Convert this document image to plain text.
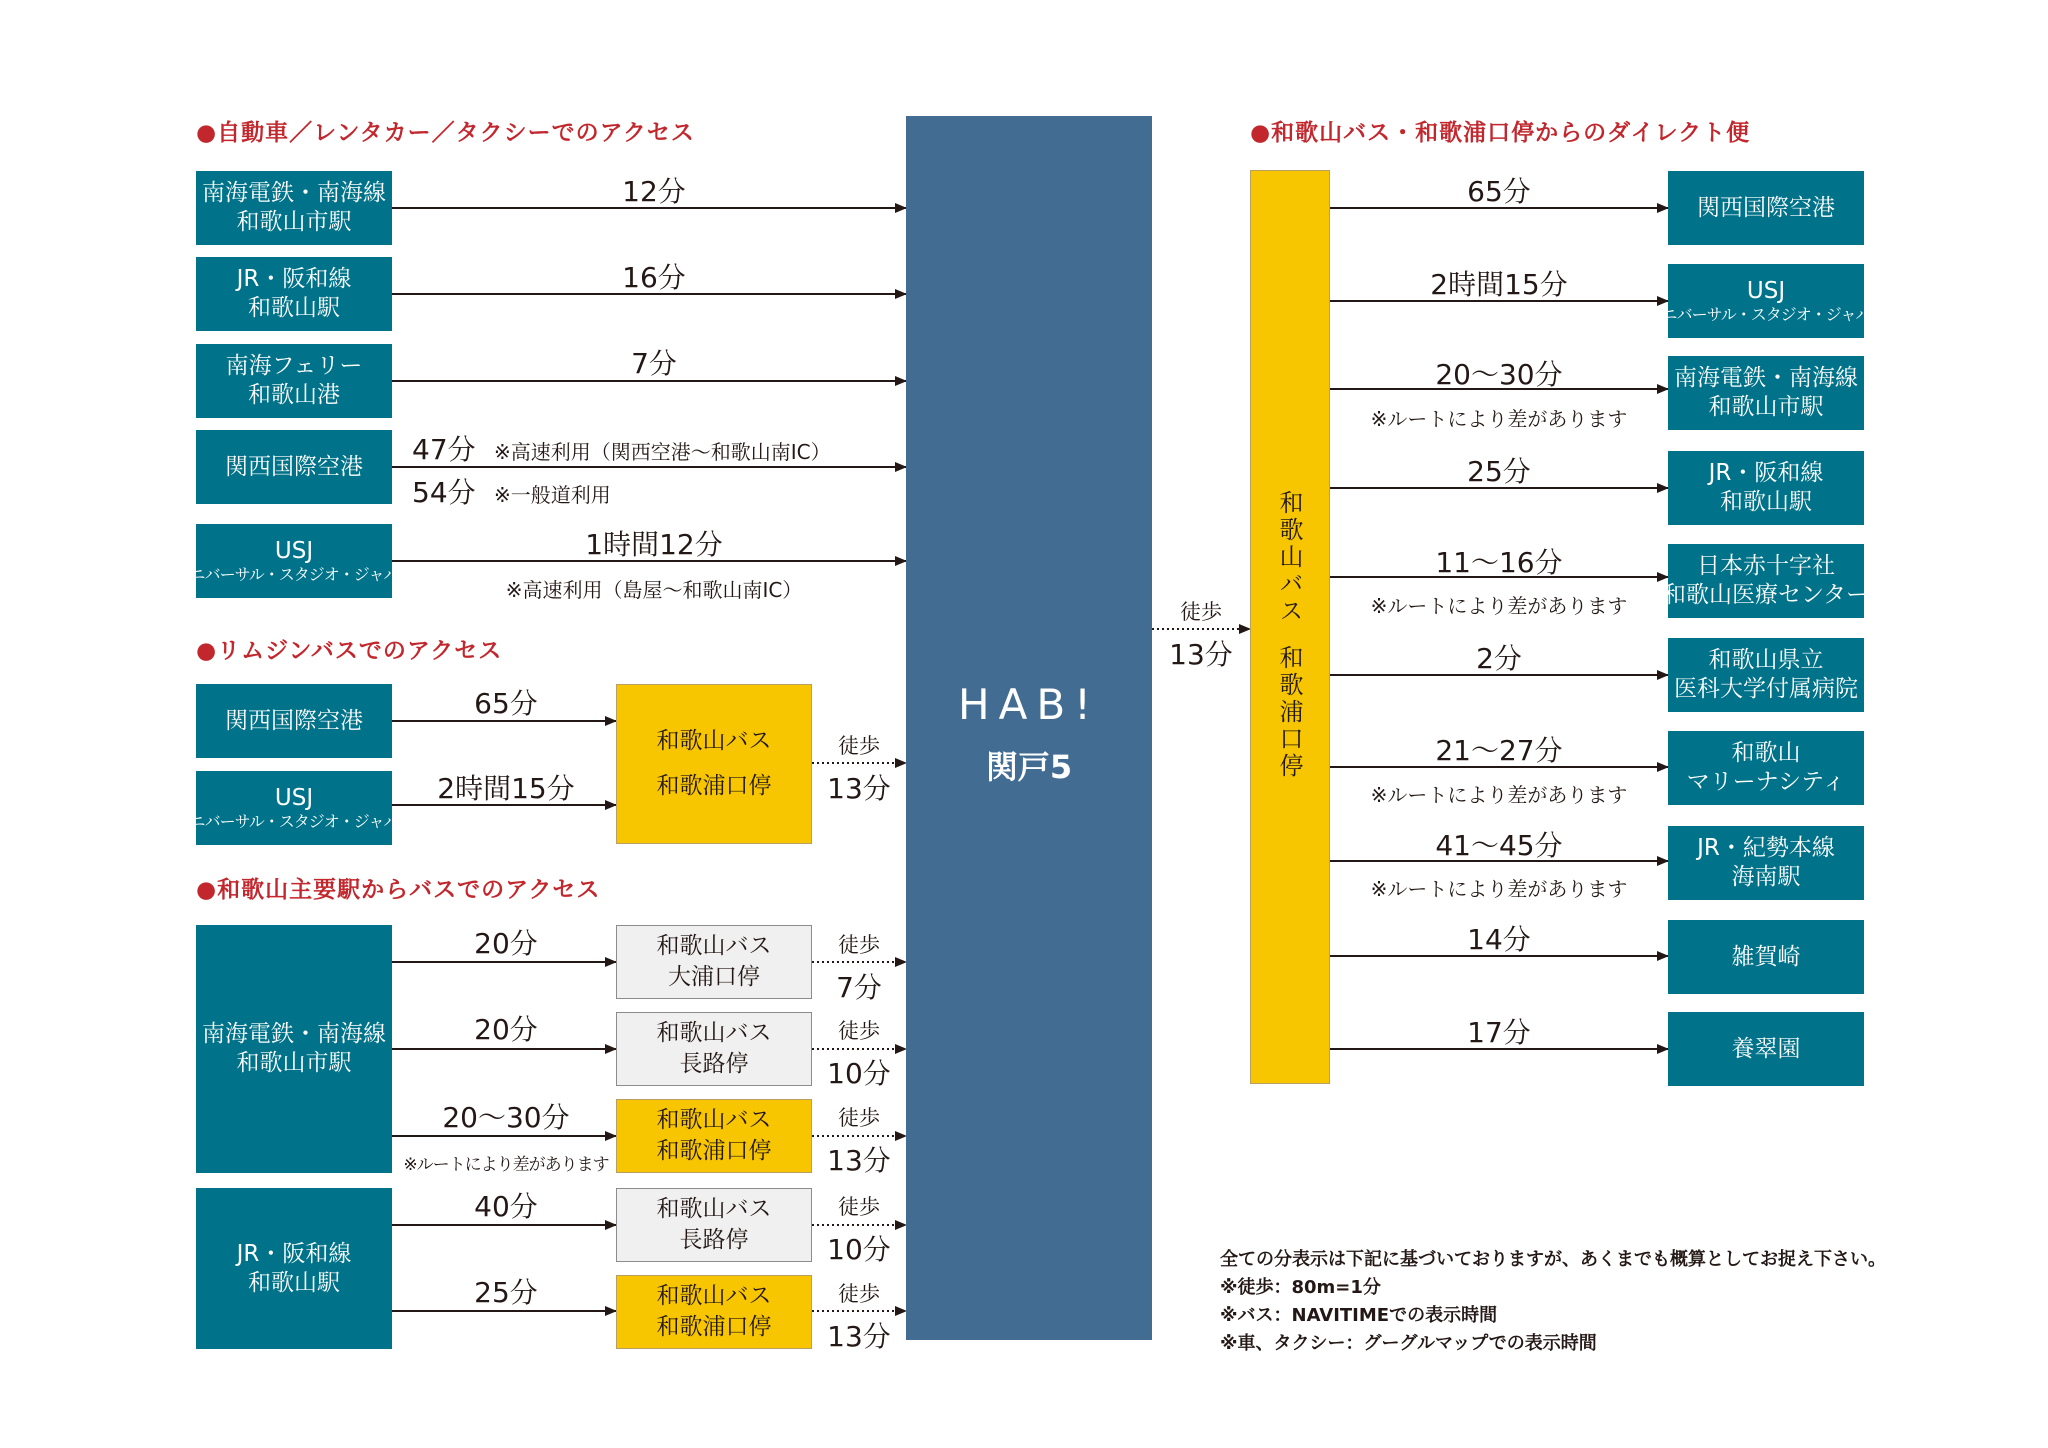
HAB!
関戸5
●自動車／レンタカー／タクシーでのアクセス
南海電鉄・南海線
和歌山市駅
12分
JR・阪和線
和歌山駅
16分
南海フェリー
和歌山港
7分
関西国際空港
47分 ※高速利用（関西空港～和歌山南IC）
54分 ※一般道利用
USJ
ユニバーサル・スタジオ・ジャパン
1時間12分
※高速利用（島屋～和歌山南IC）
●リムジンバスでのアクセス
関西国際空港
65分
USJ
ユニバーサル・スタジオ・ジャパン
2時間15分
和歌山バス
和歌浦口停
徒歩
13分
●和歌山主要駅からバスでのアクセス
南海電鉄・南海線
和歌山市駅
20分	和歌山バス
大浦口停
徒歩
7分
20分	和歌山バス
長路停
徒歩
10分
20〜30分
※ルートにより差があります
和歌山バス
和歌浦口停
徒歩
13分
JR・阪和線
和歌山駅
40分	和歌山バス
長路停
徒歩
10分
25分	和歌山バス
和歌浦口停
徒歩
13分
徒歩
13分
●和歌山バス・和歌浦口停からのダイレクト便
和歌山バス
和歌浦口停
65分	関西国際空港
2時間15分	USJ
ユニバーサル・スタジオ・ジャパン
20〜30分
※ルートにより差があります
南海電鉄・南海線
和歌山市駅
25分	JR・阪和線
和歌山駅
11〜16分
※ルートにより差があります
日本赤十字社
和歌山医療センター
2分	和歌山県立
医科大学付属病院
21〜27分
※ルートにより差があります
和歌山
マリーナシティ
41〜45分
※ルートにより差があります
JR・紀勢本線
海南駅
14分
雑賀崎
17分	養翠園
全ての分表示は下記に基づいておりますが、あくまでも概算としてお捉え下さい。
※徒歩：80m=1分
※バス：NAVITIMEでの表示時間
※車、タクシー：グーグルマップでの表示時間
